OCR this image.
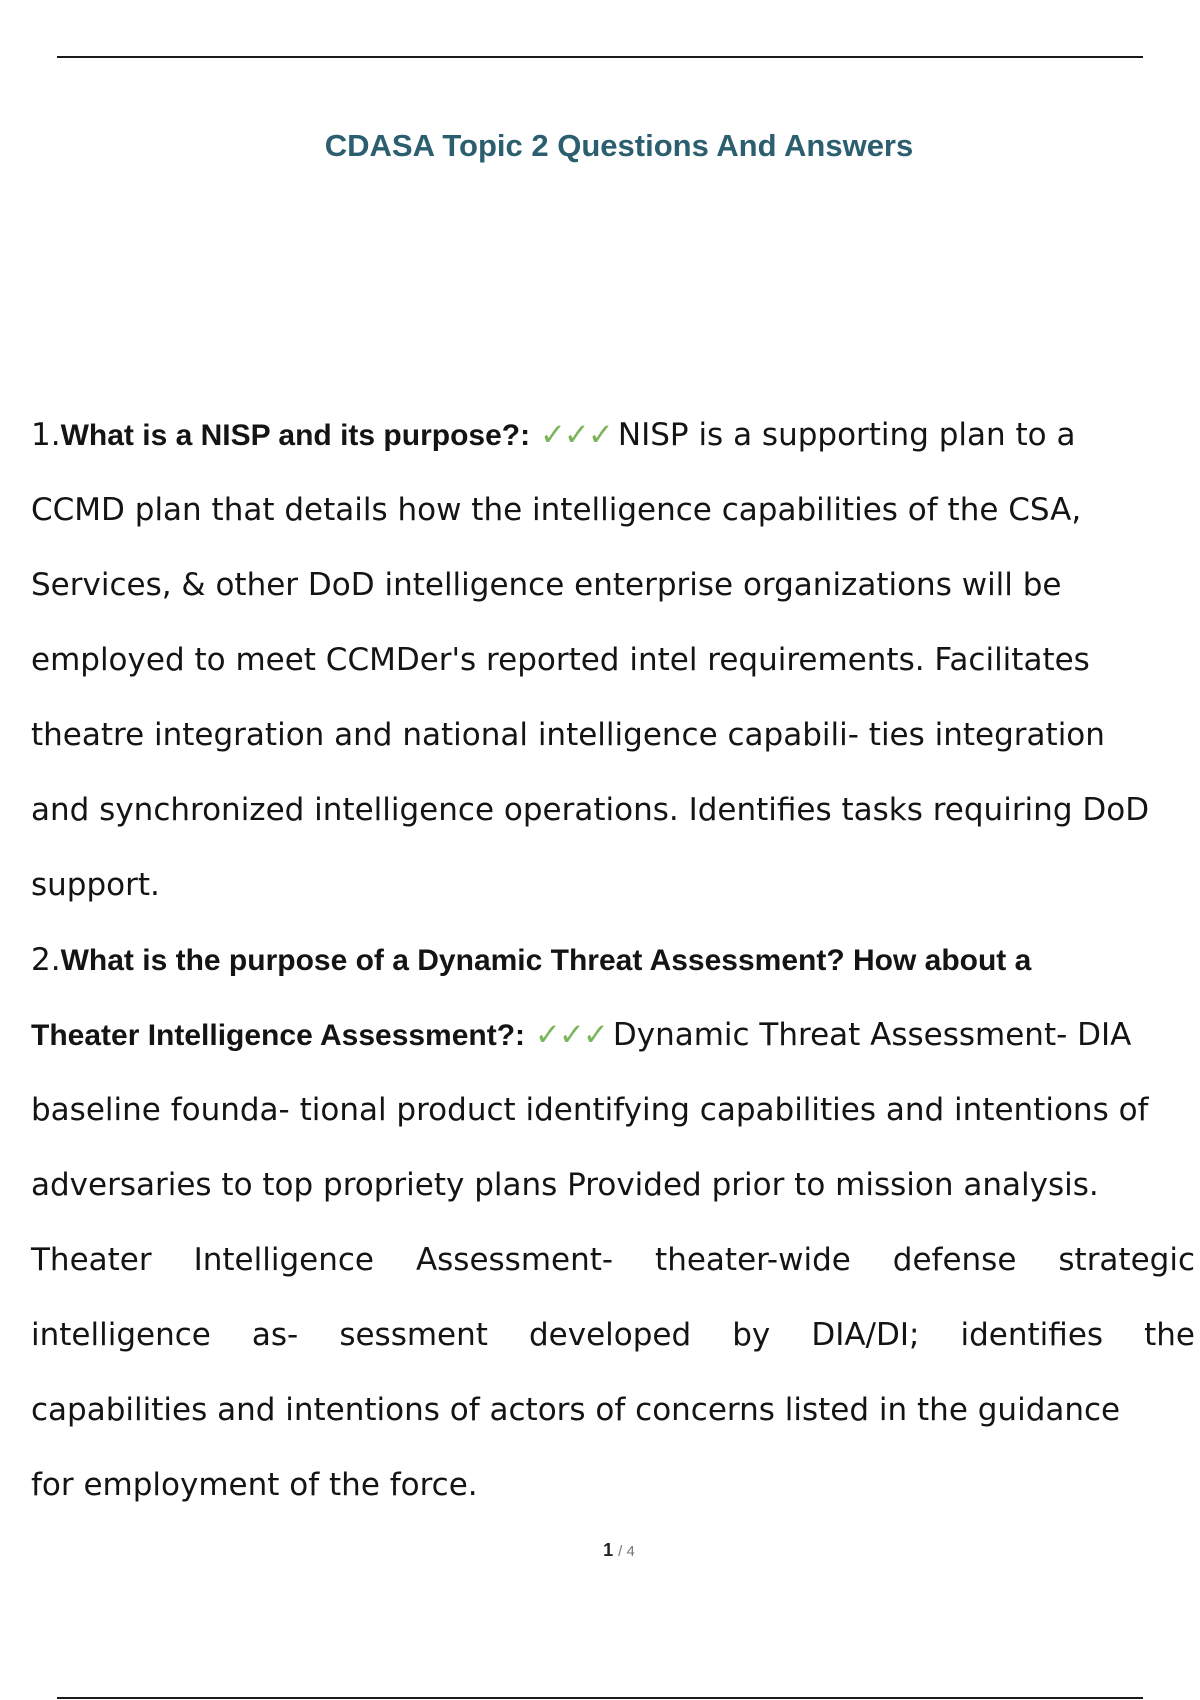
CDASA Topic 2 Questions And Answers
1.What is a NISP and its purpose?: ✓✓✓ NISP is a supporting plan to a
CCMD plan that details how the intelligence capabilities of the CSA,
Services, & other DoD intelligence enterprise organizations will be
employed to meet CCMDer's reported intel requirements. Facilitates
theatre integration and national intelligence capabili- ties integration
and synchronized intelligence operations. Identifies tasks requiring DoD
support.
2.What is the purpose of a Dynamic Threat Assessment? How about a
Theater Intelligence Assessment?: ✓✓✓ Dynamic Threat Assessment- DIA
baseline founda- tional product identifying capabilities and intentions of
adversaries to top propriety plans Provided prior to mission analysis.

Theater Intelligence Assessment- theater-wide defense strategic

intelligence as- sessment developed by DIA/DI; identifies the

capabilities and intentions of actors of concerns listed in the guidance
for employment of the force.
1 / 4
